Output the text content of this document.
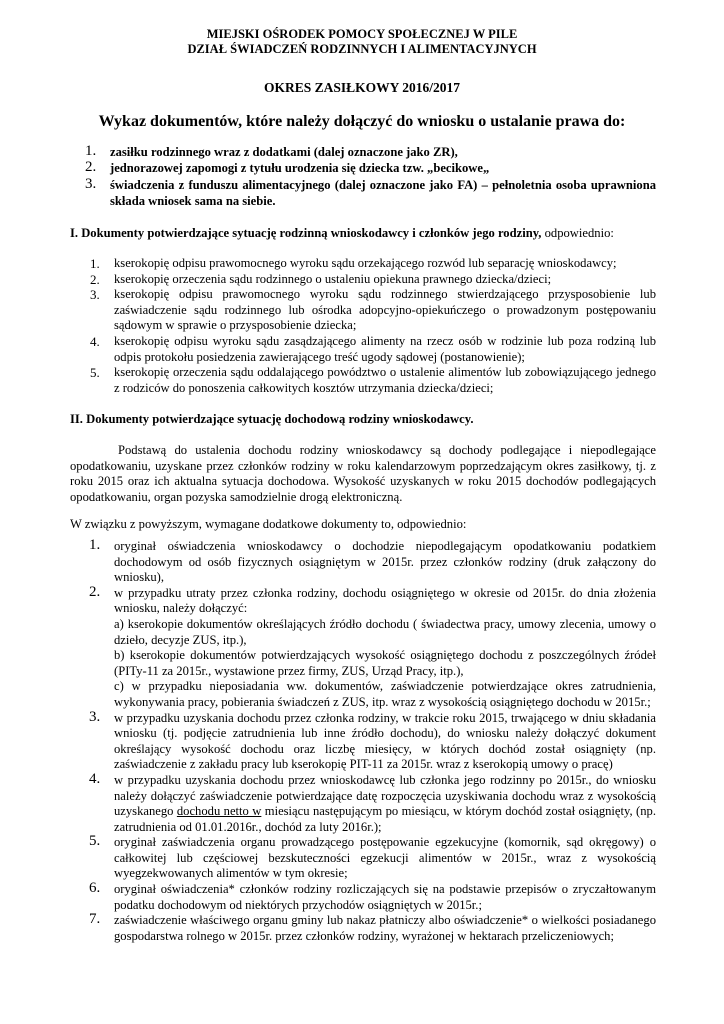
MIEJSKI OŚRODEK POMOCY SPOŁECZNEJ W PILE
DZIAŁ ŚWIADCZEŃ RODZINNYCH I ALIMENTACYJNYCH
OKRES ZASIŁKOWY 2016/2017
Wykaz dokumentów, które należy dołączyć do wniosku o ustalanie prawa do:
1. zasiłku rodzinnego wraz z dodatkami (dalej oznaczone jako ZR),
2. jednorazowej zapomogi z tytułu urodzenia się dziecka tzw. „becikowe„
3. świadczenia z funduszu alimentacyjnego (dalej oznaczone jako FA) – pełnoletnia osoba uprawniona składa wniosek sama na siebie.
I. Dokumenty potwierdzające sytuację rodzinną wnioskodawcy i członków jego rodziny, odpowiednio:
1. kserokopię odpisu prawomocnego wyroku sądu orzekającego rozwód lub separację wnioskodawcy;
2. kserokopię orzeczenia sądu rodzinnego o ustaleniu opiekuna prawnego dziecka/dzieci;
3. kserokopię odpisu prawomocnego wyroku sądu rodzinnego stwierdzającego przysposobienie lub zaświadczenie sądu rodzinnego lub ośrodka adopcyjno-opiekuńczego o prowadzonym postępowaniu sądowym w sprawie o przysposobienie dziecka;
4. kserokopię odpisu wyroku sądu zasądzającego alimenty na rzecz osób w rodzinie lub poza rodziną lub odpis protokołu posiedzenia zawierającego treść ugody sądowej (postanowienie);
5. kserokopię orzeczenia sądu oddalającego powództwo o ustalenie alimentów lub zobowiązującego jednego z rodziców do ponoszenia całkowitych kosztów utrzymania dziecka/dzieci;
II. Dokumenty potwierdzające sytuację dochodową rodziny wnioskodawcy.
Podstawą do ustalenia dochodu rodziny wnioskodawcy są dochody podlegające i niepodlegające opodatkowaniu, uzyskane przez członków rodziny w roku kalendarzowym poprzedzającym okres zasiłkowy, tj. z roku 2015 oraz ich aktualna sytuacja dochodowa. Wysokość uzyskanych w roku 2015 dochodów podlegających opodatkowaniu, organ pozyska samodzielnie drogą elektroniczną.
W związku z powyższym, wymagane dodatkowe dokumenty to, odpowiednio:
1. oryginał oświadczenia wnioskodawcy o dochodzie niepodlegającym opodatkowaniu podatkiem dochodowym od osób fizycznych osiągniętym w 2015r. przez członków rodziny (druk załączony do wniosku),
2. w przypadku utraty przez członka rodziny, dochodu osiągniętego w okresie od 2015r. do dnia złożenia wniosku, należy dołączyć:
a) kserokopie dokumentów określających źródło dochodu ( świadectwa pracy, umowy zlecenia, umowy o dzieło, decyzje ZUS, itp.),
b) kserokopie dokumentów potwierdzających wysokość osiągniętego dochodu z poszczególnych źródeł (PITy-11 za 2015r., wystawione przez firmy, ZUS, Urząd Pracy, itp.),
c) w przypadku nieposiadania ww. dokumentów, zaświadczenie potwierdzające okres zatrudnienia, wykonywania pracy, pobierania świadczeń z ZUS, itp. wraz z wysokością osiągniętego dochodu w 2015r.;
3. w przypadku uzyskania dochodu przez członka rodziny, w trakcie roku 2015, trwającego w dniu składania wniosku (tj. podjęcie zatrudnienia lub inne źródło dochodu), do wniosku należy dołączyć dokument określający wysokość dochodu oraz liczbę miesięcy, w których dochód został osiągnięty (np. zaświadczenie z zakładu pracy lub kserokopię PIT-11 za 2015r. wraz z kserokopią umowy o pracę)
4. w przypadku uzyskania dochodu przez wnioskodawcę lub członka jego rodzinny po 2015r., do wniosku należy dołączyć zaświadczenie potwierdzające datę rozpoczęcia uzyskiwania dochodu wraz z wysokością uzyskanego dochodu netto w miesiącu następującym po miesiącu, w którym dochód został osiągnięty, (np. zatrudnienia od 01.01.2016r., dochód za luty 2016r.);
5. oryginał zaświadczenia organu prowadzącego postępowanie egzekucyjne (komornik, sąd okręgowy) o całkowitej lub częściowej bezskuteczności egzekucji alimentów w 2015r., wraz z wysokością wyegzekwowanych alimentów w tym okresie;
6. oryginał oświadczenia* członków rodziny rozliczających się na podstawie przepisów o zryczałtowanym podatku dochodowym od niektórych przychodów osiągniętych w 2015r.;
7. zaświadczenie właściwego organu gminy lub nakaz płatniczy albo oświadczenie* o wielkości posiadanego gospodarstwa rolnego w 2015r. przez członków rodziny, wyrażonej w hektarach przeliczeniowych;
